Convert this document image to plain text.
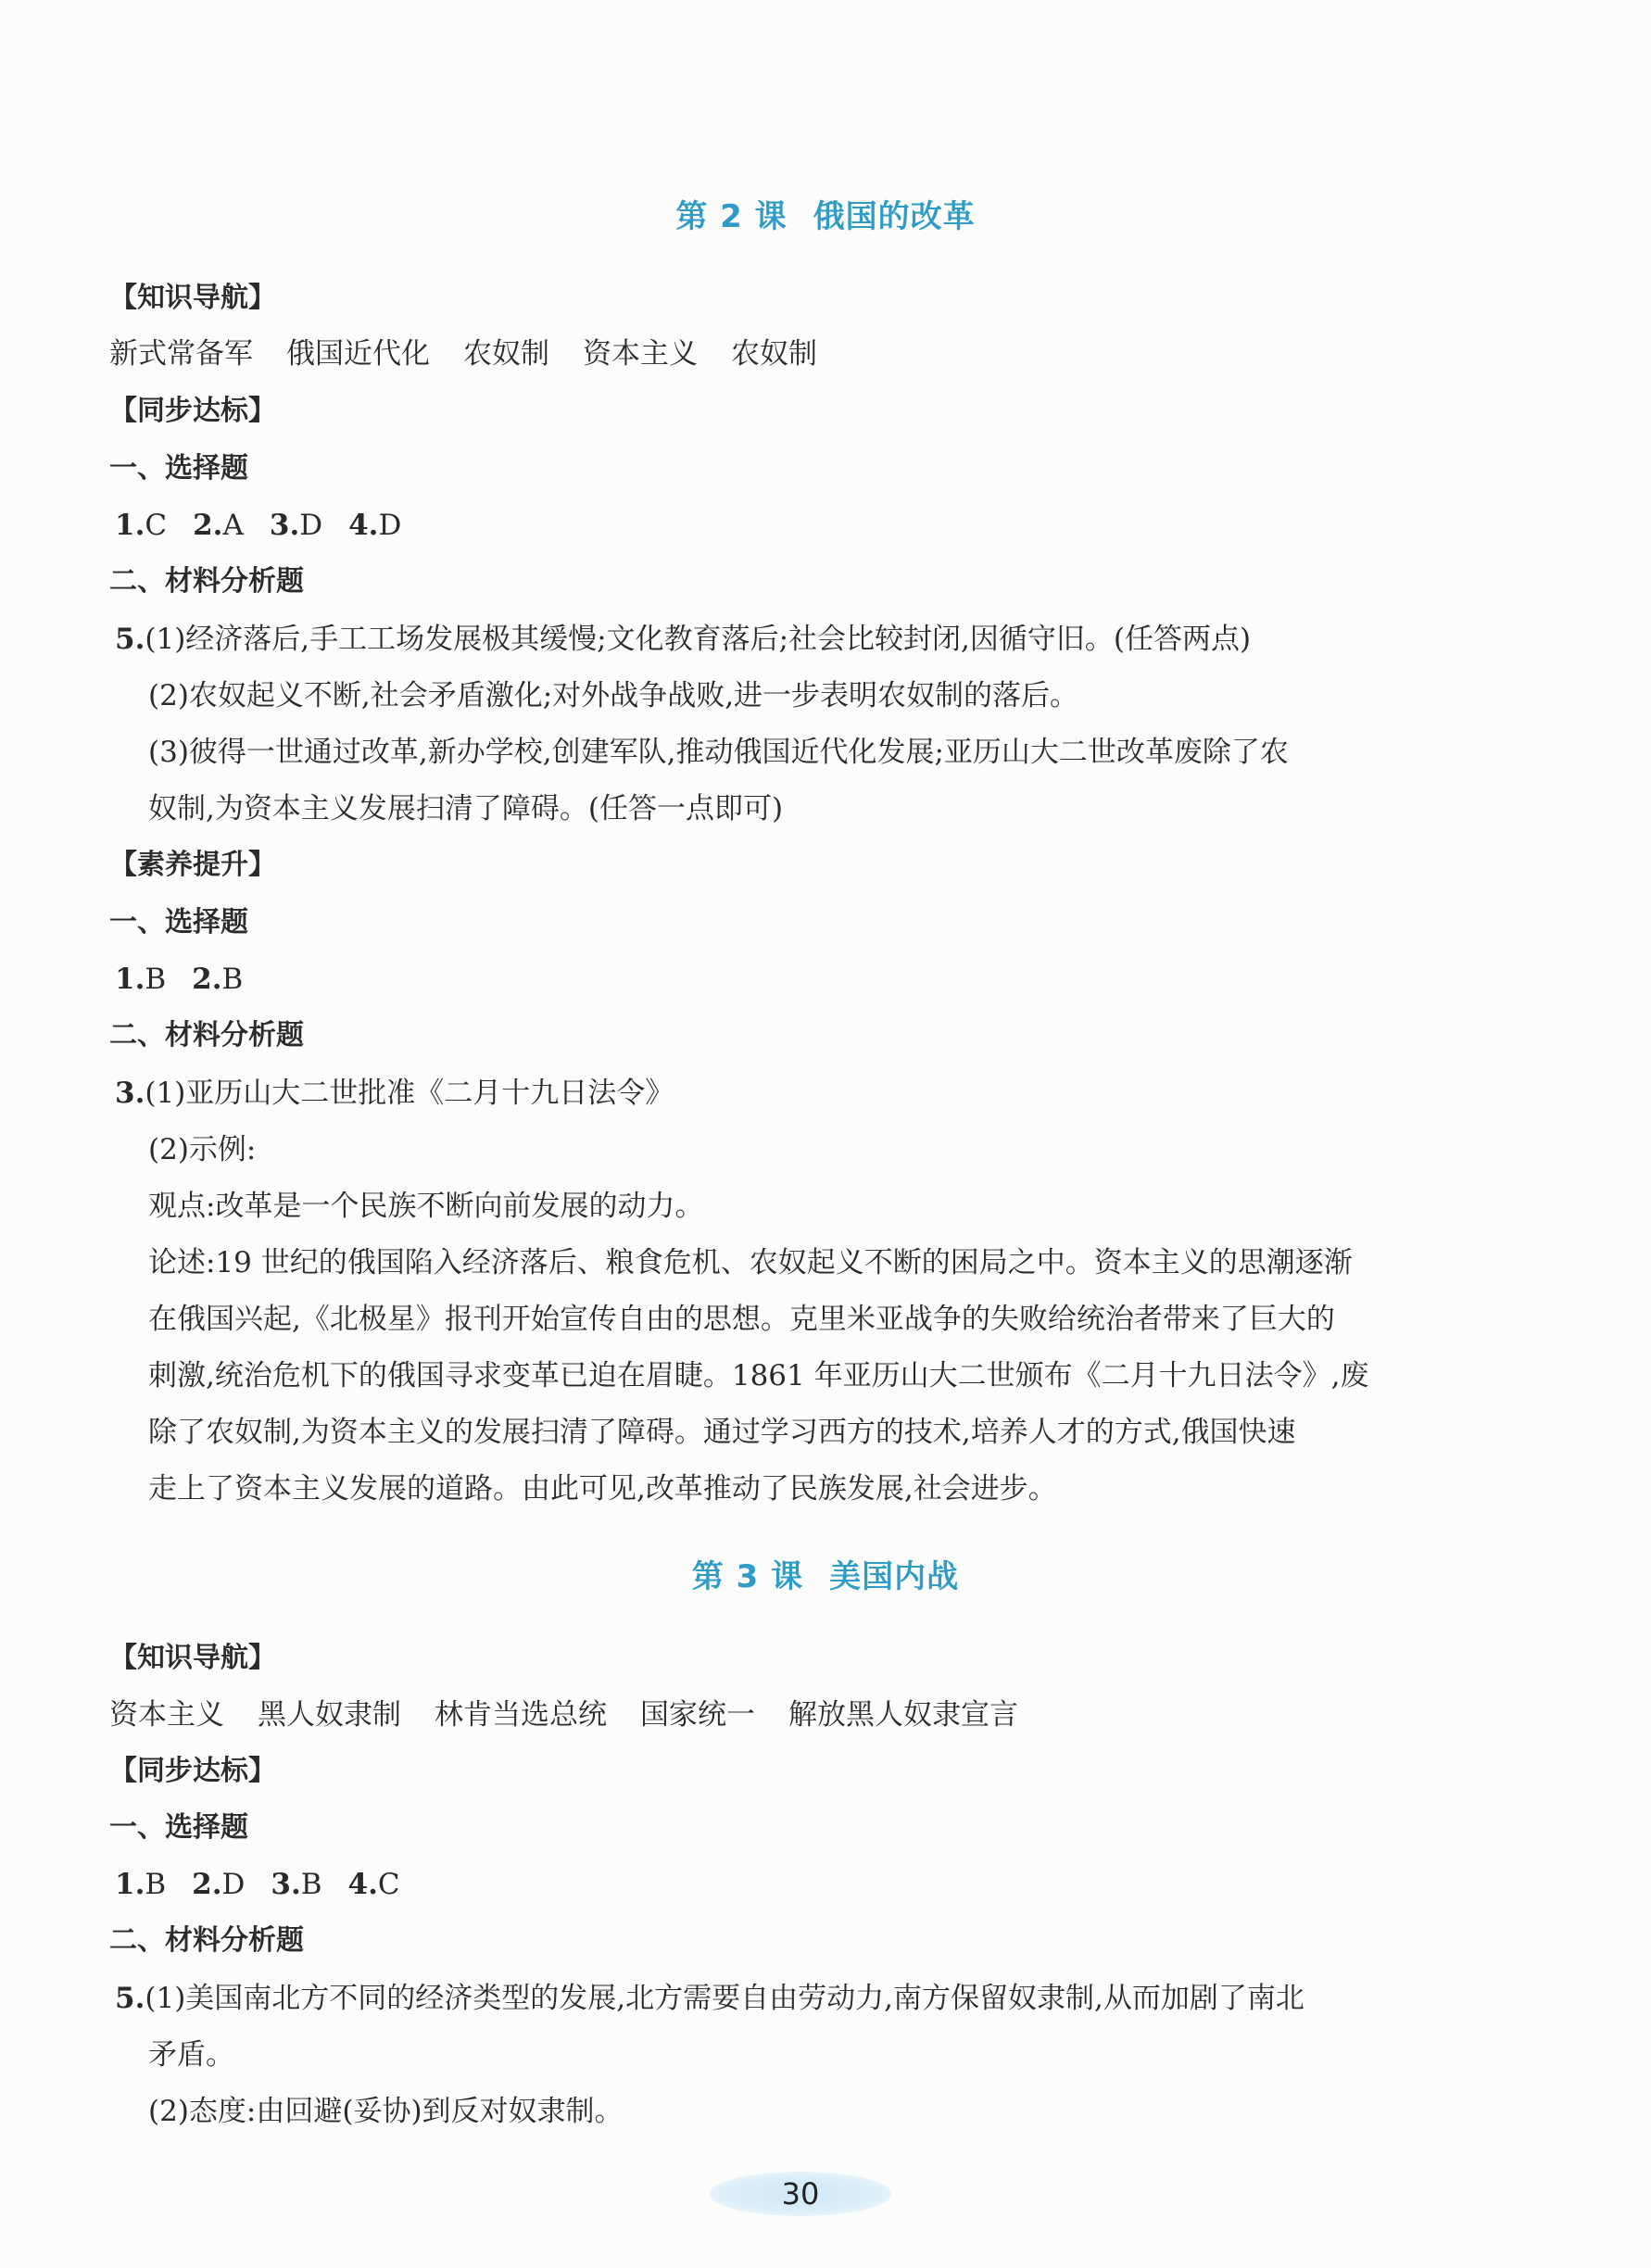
第 2 课 俄国的改革
【知识导航】
新式常备军 俄国近代化 农奴制 资本主义 农奴制
【同步达标】
一、选择题
1.C 2.A 3.D 4.D
二、材料分析题
5.(1)经济落后,手工工场发展极其缓慢;文化教育落后;社会比较封闭,因循守旧。(任答两点)
(2)农奴起义不断,社会矛盾激化;对外战争战败,进一步表明农奴制的落后。
(3)彼得一世通过改革,新办学校,创建军队,推动俄国近代化发展;亚历山大二世改革废除了农
奴制,为资本主义发展扫清了障碍。(任答一点即可)
【素养提升】
一、选择题
1.B 2.B
二、材料分析题
3.(1)亚历山大二世批准《二月十九日法令》
(2)示例:
观点:改革是一个民族不断向前发展的动力。
论述:19 世纪的俄国陷入经济落后、粮食危机、农奴起义不断的困局之中。资本主义的思潮逐渐
在俄国兴起,《北极星》报刊开始宣传自由的思想。克里米亚战争的失败给统治者带来了巨大的
刺激,统治危机下的俄国寻求变革已迫在眉睫。1861 年亚历山大二世颁布《二月十九日法令》,废
除了农奴制,为资本主义的发展扫清了障碍。通过学习西方的技术,培养人才的方式,俄国快速
走上了资本主义发展的道路。由此可见,改革推动了民族发展,社会进步。
第 3 课 美国内战
【知识导航】
资本主义 黑人奴隶制 林肯当选总统 国家统一 解放黑人奴隶宣言
【同步达标】
一、选择题
1.B 2.D 3.B 4.C
二、材料分析题
5.(1)美国南北方不同的经济类型的发展,北方需要自由劳动力,南方保留奴隶制,从而加剧了南北
矛盾。
(2)态度:由回避(妥协)到反对奴隶制。
30
